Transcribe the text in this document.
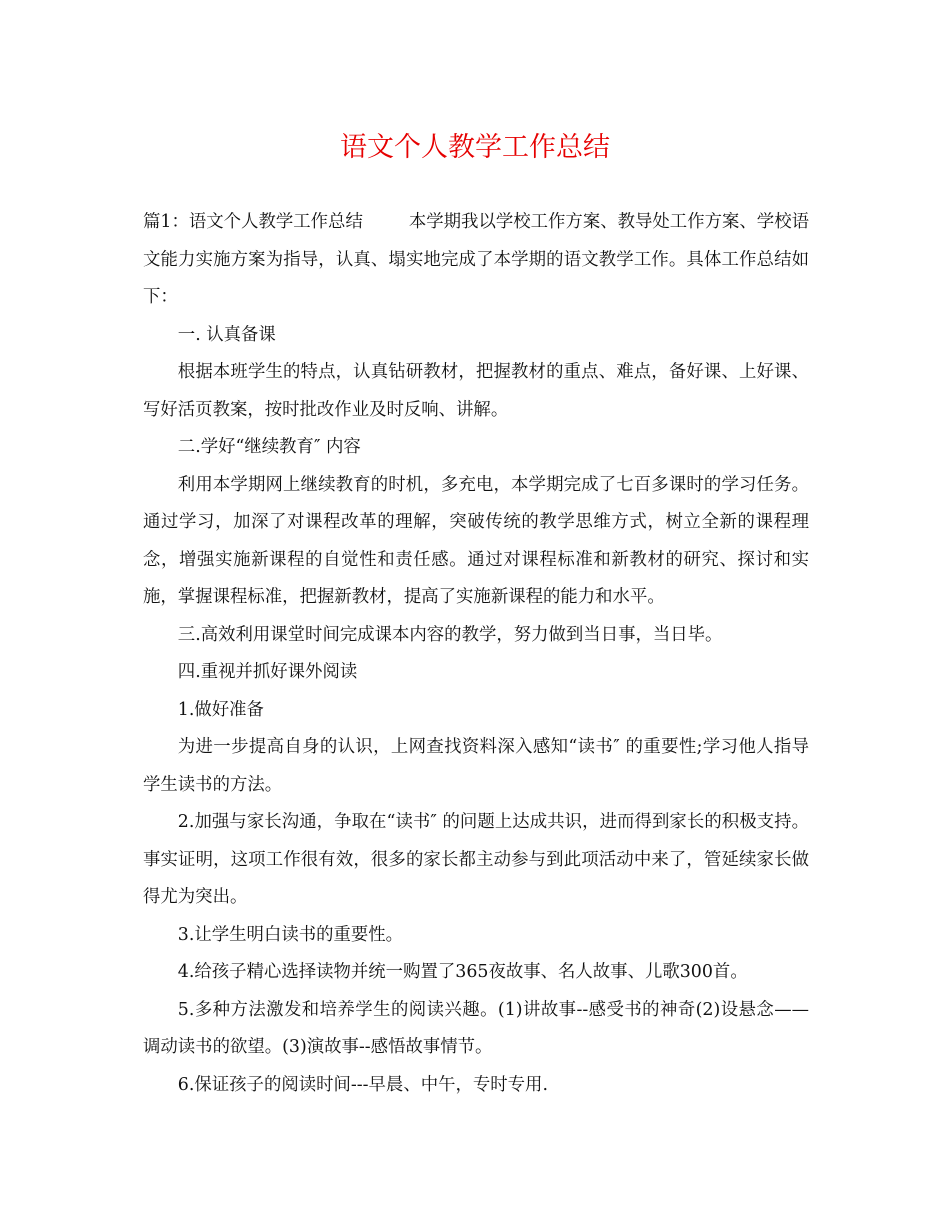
语文个人教学工作总结

篇1：语文个人教学工作总结	本学期我以学校工作方案、教导处工作方案、学校语文能力实施方案为指导，认真、塌实地完成了本学期的语文教学工作。具体工作总结如下：

一. 认真备课

根据本班学生的特点，认真钻研教材，把握教材的重点、难点，备好课、上好课、写好活页教案，按时批改作业及时反响、讲解。

二.学好“继续教育″ 内容

利用本学期网上继续教育的时机，多充电，本学期完成了七百多课时的学习任务。通过学习，加深了对课程改革的理解，突破传统的教学思维方式，树立全新的课程理念，增强实施新课程的自觉性和责任感。通过对课程标准和新教材的研究、探讨和实施，掌握课程标准，把握新教材，提高了实施新课程的能力和水平。

三.高效利用课堂时间完成课本内容的教学，努力做到当日事，当日毕。

四.重视并抓好课外阅读

1.做好准备

为进一步提高自身的认识，上网查找资料深入感知“读书″ 的重要性;学习他人指导学生读书的方法。

2.加强与家长沟通，争取在“读书″ 的问题上达成共识，进而得到家长的积极支持。事实证明，这项工作很有效，很多的家长都主动参与到此项活动中来了，管延续家长做得尤为突出。

3.让学生明白读书的重要性。

4.给孩子精心选择读物并统一购置了365夜故事、名人故事、儿歌300首。

5.多种方法激发和培养学生的阅读兴趣。(1)讲故事--感受书的神奇(2)设悬念——调动读书的欲望。(3)演故事--感悟故事情节。

6.保证孩子的阅读时间---早晨、中午，专时专用.
